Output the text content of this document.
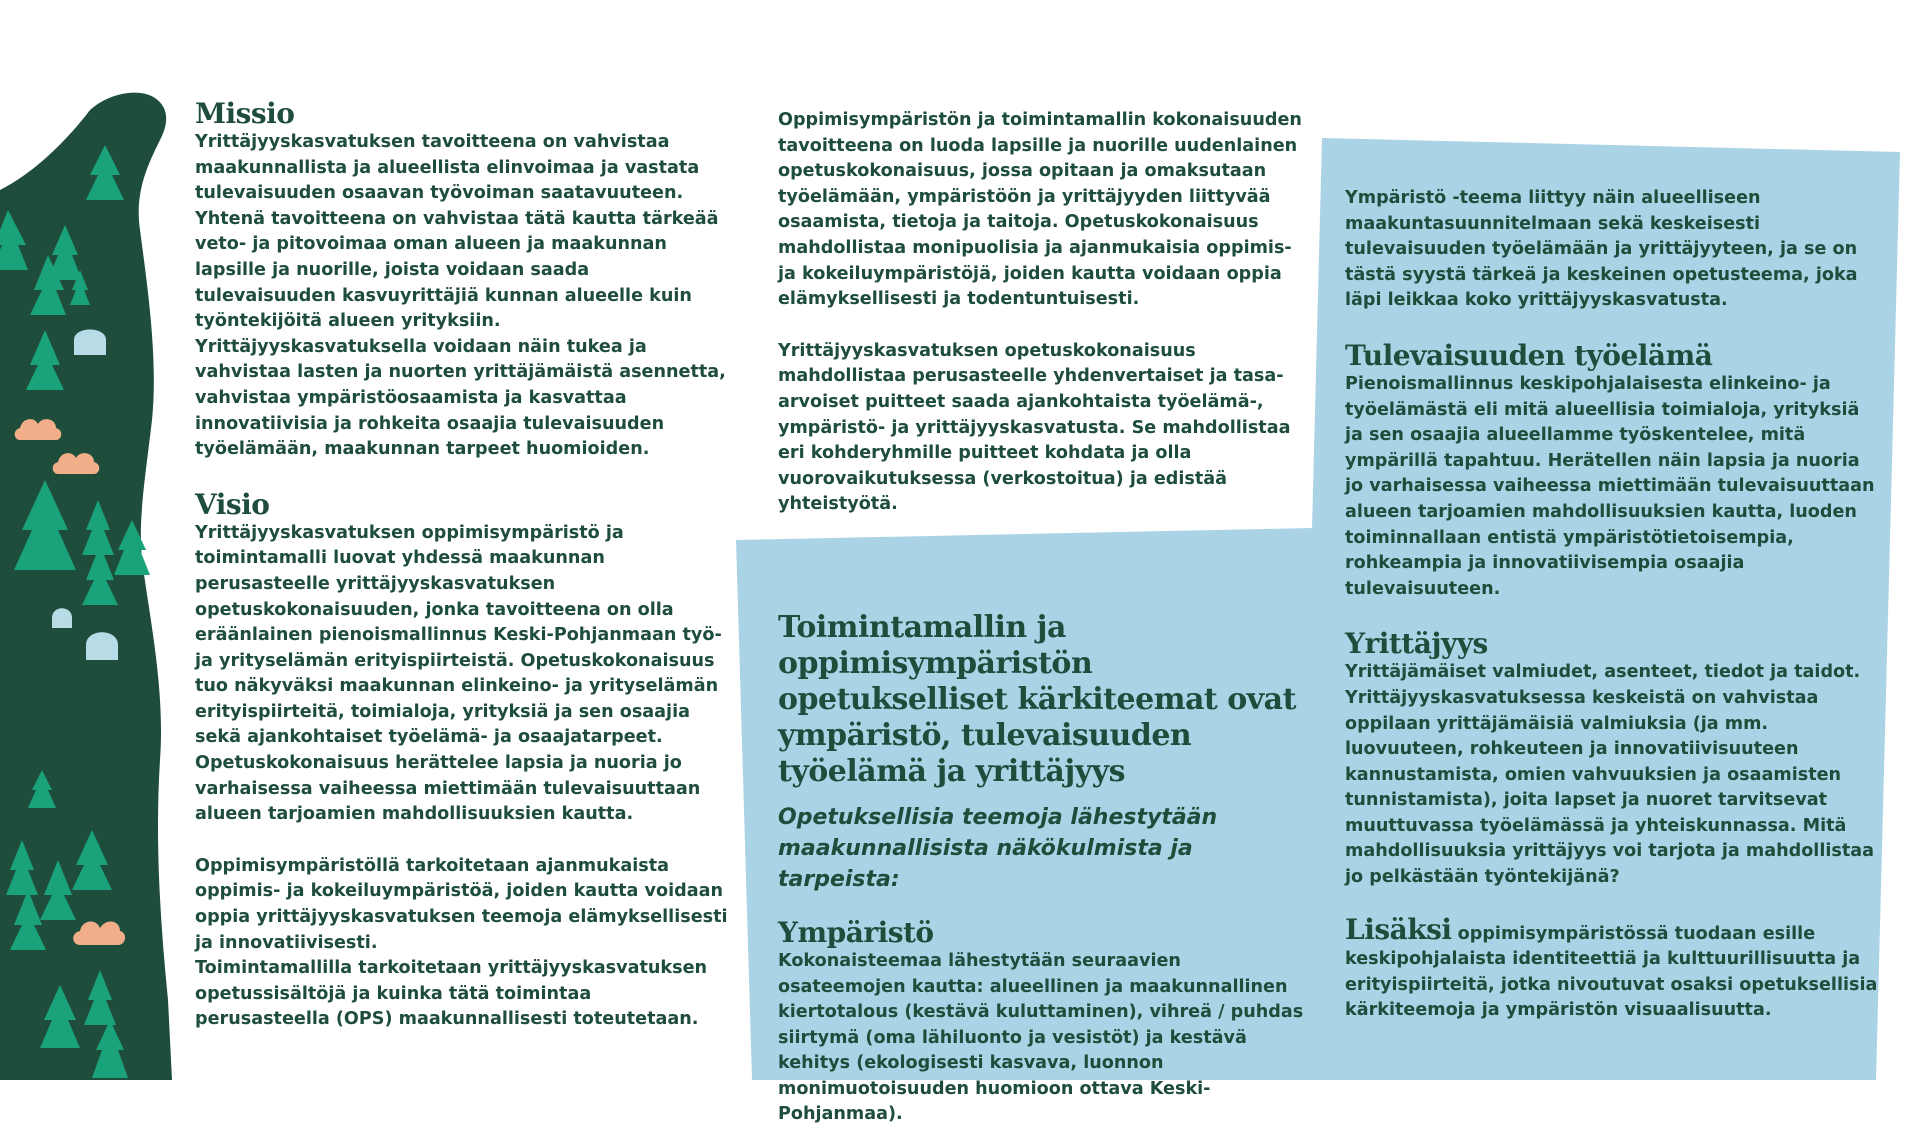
Missio

Yrittäjyyskasvatuksen tavoitteena on vahvistaa maakunnallista ja alueellista elinvoimaa ja vastata tulevaisuuden osaavan työvoiman saatavuuteen. Yhtenä tavoitteena on vahvistaa tätä kautta tärkeää veto- ja pitovoimaa oman alueen ja maakunnan lapsille ja nuorille, joista voidaan saada tulevaisuuden kasvuyrittäjiä kunnan alueelle kuin työntekijöitä alueen yrityksiin. Yrittäjyyskasvatuksella voidaan näin tukea ja vahvistaa lasten ja nuorten yrittäjämäistä asennetta, vahvistaa ympäristöosaamista ja kasvattaa innovatiivisia ja rohkeita osaajia tulevaisuuden työelämään, maakunnan tarpeet huomioiden.

Visio

Yrittäjyyskasvatuksen oppimisympäristö ja toimintamalli luovat yhdessä maakunnan perusasteelle yrittäjyyskasvatuksen opetuskokonaisuuden, jonka tavoitteena on olla eräänlainen pienoismallinnus Keski-Pohjanmaan työ- ja yrityselämän erityispiirteistä. Opetuskokonaisuus tuo näkyväksi maakunnan elinkeino- ja yrityselämän erityispiirteitä, toimialoja, yrityksiä ja sen osaajia sekä ajankohtaiset työelämä- ja osaajatarpeet. Opetuskokonaisuus herättelee lapsia ja nuoria jo varhaisessa vaiheessa miettimään tulevaisuuttaan alueen tarjoamien mahdollisuuksien kautta.

Oppimisympäristöllä tarkoitetaan ajanmukaista oppimis- ja kokeiluympäristöä, joiden kautta voidaan oppia yrittäjyyskasvatuksen teemoja elämyksellisesti ja innovatiivisesti.

Toimintamallilla tarkoitetaan yrittäjyyskasvatuksen opetussisältöjä ja kuinka tätä toimintaa perusasteella (OPS) maakunnallisesti toteutetaan.

Oppimisympäristön ja toimintamallin kokonaisuuden tavoitteena on luoda lapsille ja nuorille uudenlainen opetuskokonaisuus, jossa opitaan ja omaksutaan työelämään, ympäristöön ja yrittäjyyden liittyvää osaamista, tietoja ja taitoja. Opetuskokonaisuus mahdollistaa monipuolisia ja ajanmukaisia oppimis- ja kokeiluympäristöjä, joiden kautta voidaan oppia elämyksellisesti ja todentuntuisesti.

Yrittäjyyskasvatuksen opetuskokonaisuus mahdollistaa perusasteelle yhdenvertaiset ja tasa-arvoiset puitteet saada ajankohtaista työelämä-, ympäristö- ja yrittäjyyskasvatusta. Se mahdollistaa eri kohderyhmille puitteet kohdata ja olla vuorovaikutuksessa (verkostoitua) ja edistää yhteistyötä.

Toimintamallin ja oppimisympäristön opetukselliset kärkiteemat ovat ympäristö, tulevaisuuden työelämä ja yrittäjyys
Opetuksellisia teemoja lähestytään maakunnallisista näkökulmista ja tarpeista:
Ympäristö

Kokonaisteemaa lähestytään seuraavien osateemojen kautta: alueellinen ja maakunnallinen kiertotalous (kestävä kuluttaminen), vihreä / puhdas siirtymä (oma lähiluonto ja vesistöt) ja kestävä kehitys (ekologisesti kasvava, luonnon monimuotoisuuden huomioon ottava Keski-Pohjanmaa).

Ympäristö -teema liittyy näin alueelliseen maakuntasuunnitelmaan sekä keskeisesti tulevaisuuden työelämään ja yrittäjyyteen, ja se on tästä syystä tärkeä ja keskeinen opetusteema, joka läpi leikkaa koko yrittäjyyskasvatusta.

Tulevaisuuden työelämä

Pienoismallinnus keskipohjalaisesta elinkeino- ja työelämästä eli mitä alueellisia toimialoja, yrityksiä ja sen osaajia alueellamme työskentelee, mitä ympärillä tapahtuu. Herätellen näin lapsia ja nuoria jo varhaisessa vaiheessa miettimään tulevaisuuttaan alueen tarjoamien mahdollisuuksien kautta, luoden toiminnallaan entistä ympäristötietoisempia, rohkeampia ja innovatiivisempia osaajia tulevaisuuteen.

Yrittäjyys

Yrittäjämäiset valmiudet, asenteet, tiedot ja taidot. Yrittäjyyskasvatuksessa keskeistä on vahvistaa oppilaan yrittäjämäisiä valmiuksia (ja mm. luovuuteen, rohkeuteen ja innovatiivisuuteen kannustamista, omien vahvuuksien ja osaamisten tunnistamista), joita lapset ja nuoret tarvitsevat muuttuvassa työelämässä ja yhteiskunnassa. Mitä mahdollisuuksia yrittäjyys voi tarjota ja mahdollistaa jo pelkästään työntekijänä?

Lisäksi oppimisympäristössä tuodaan esille keskipohjalaista identiteettiä ja kulttuurillisuutta ja erityispiirteitä, jotka nivoutuvat osaksi opetuksellisia kärkiteemoja ja ympäristön visuaalisuutta.
